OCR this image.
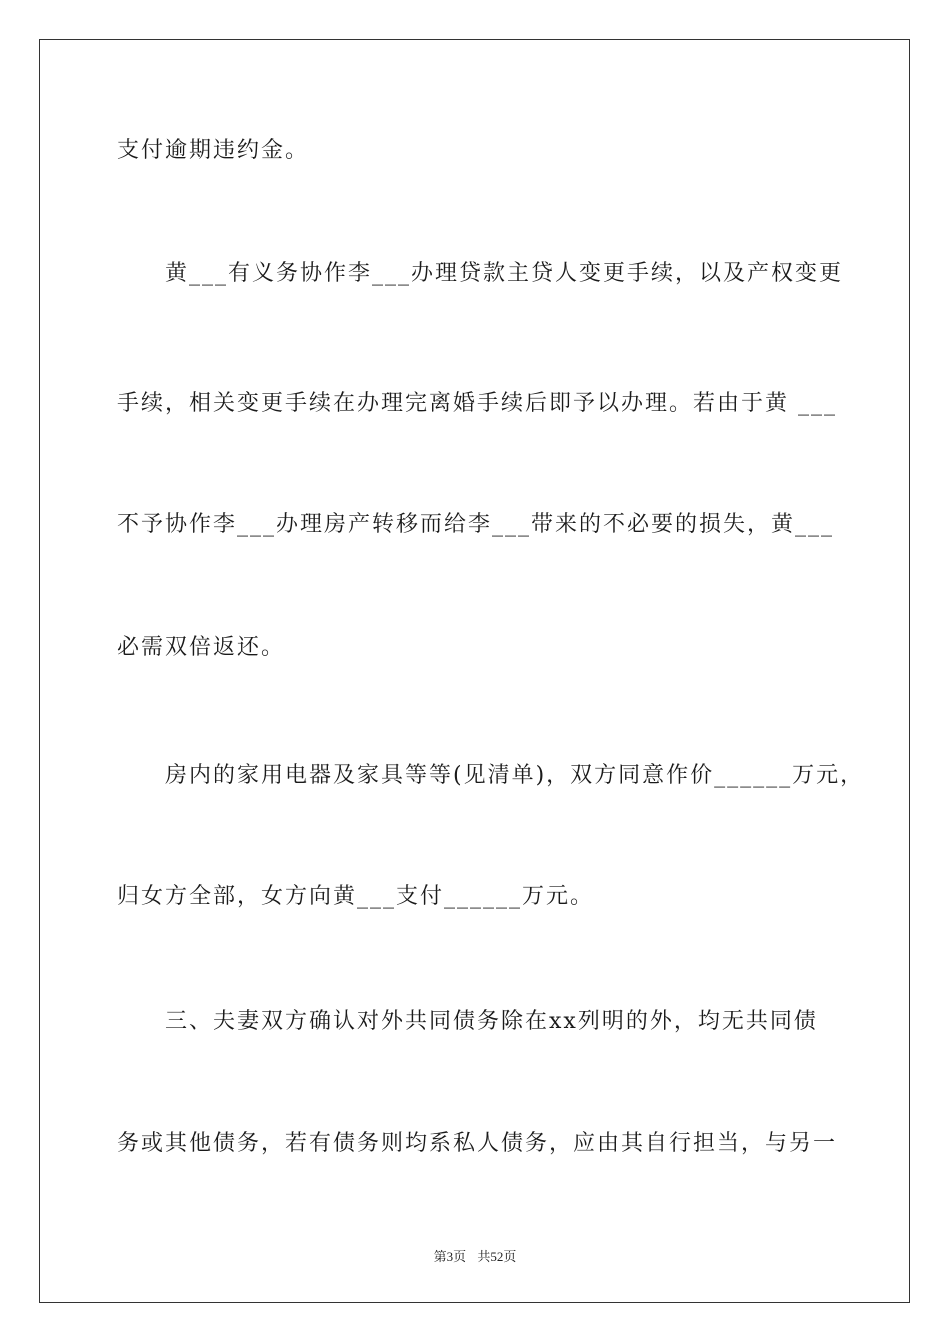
支付逾期违约金。
黄___有义务协作李___办理贷款主贷人变更手续，以及产权变更
手续，相关变更手续在办理完离婚手续后即予以办理。若由于黄 ___
不予协作李___办理房产转移而给李___带来的不必要的损失，黄___
必需双倍返还。
房内的家用电器及家具等等(见清单)，双方同意作价______万元，
归女方全部，女方向黄___支付______万元。
三、夫妻双方确认对外共同债务除在xx列明的外，均无共同债
务或其他债务，若有债务则均系私人债务，应由其自行担当，与另一
第3页 共52页
